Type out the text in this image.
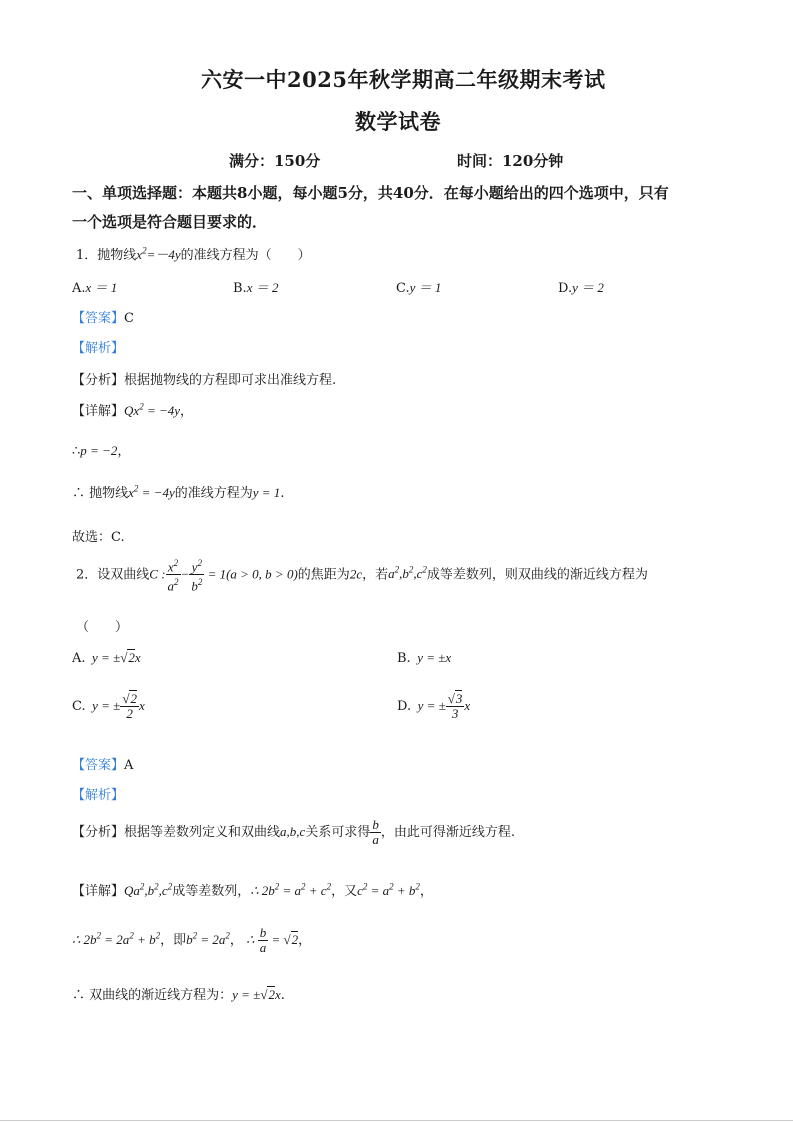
六安一中2025年秋学期高二年级期末考试
数学试卷
满分：150分	时间：120分钟
一、单项选择题：本题共8小题，每小题5分，共40分．在每小题给出的四个选项中，只有
一个选项是符合题目要求的．
1．抛物线$x^2=-4y$的准线方程为（　　）
A.x ＝ 1	B.x ＝ 2	C.y ＝ 1	D.y ＝ 2
【答案】C
【解析】
【分析】根据抛物线的方程即可求出准线方程.
【详解】$Qx^2 = -4y$，
∴p = −2，
∴ 抛物线$x^2 = -4y$的准线方程为y = 1.
故选：C.
2．设双曲线C : $\frac{x^2}{a^2} - \frac{y^2}{b^2} = 1(a > 0$, b > 0)的焦距为2c，若$a^2,b^2,c^2$成等差数列，则双曲线的渐近线方程为
（　　）
A.  y = ±√2x	B.  y = ±x
C.  y = ± $\frac{√2}{2}$ x	D.  y = ± $\frac{√3}{3}$ x
【答案】A
【解析】
【分析】根据等差数列定义和双曲线a,b,c关系可求得 $\frac{b}{a}$ ，由此可得渐近线方程.
【详解】$Qa^2,b^2,c^2$成等差数列，∴ $2b^2 = a^2 + c^2$，又$c^2 = a^2 + b^2$，
∴ $2b^2 = 2a^2 + b^2$，即$b^2 = 2a^2$， ∴ $\frac{b}{a} = √2$，
∴ 双曲线的渐近线方程为：y = ±√2x.
